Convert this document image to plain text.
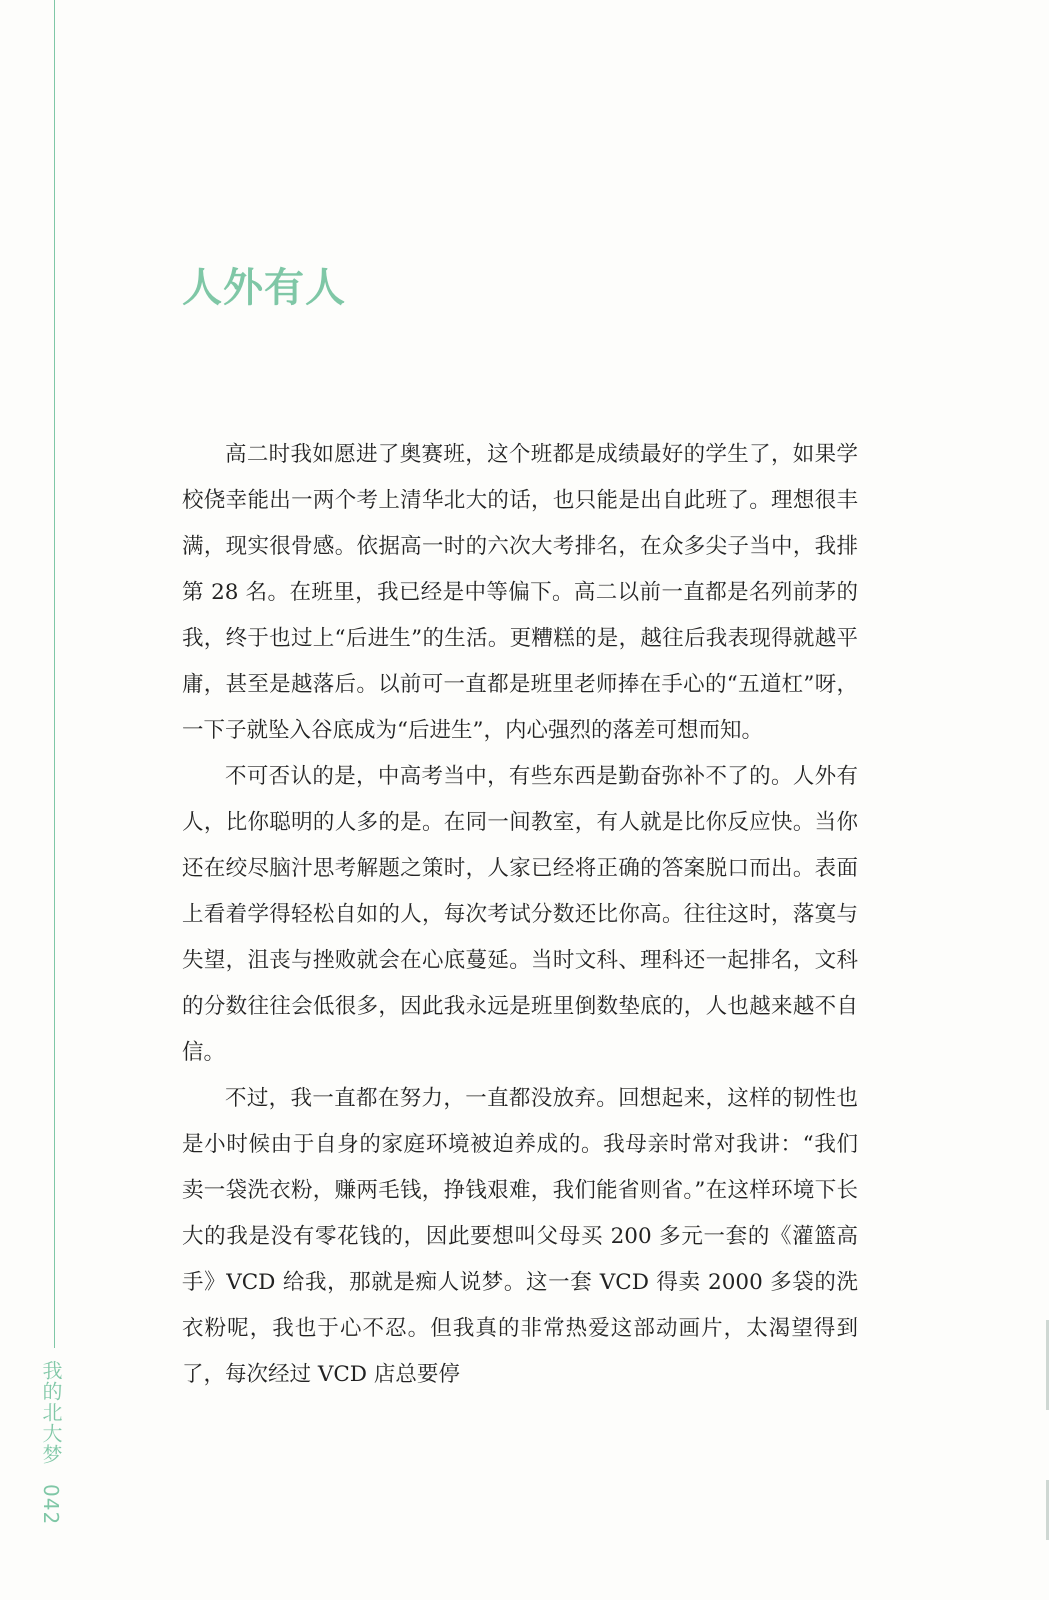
我的北大梦 042
人外有人

高二时我如愿进了奥赛班，这个班都是成绩最好的学生了，如果学校侥幸能出一两个考上清华北大的话，也只能是出自此班了。理想很丰满，现实很骨感。依据高一时的六次大考排名，在众多尖子当中，我排第 28 名。在班里，我已经是中等偏下。高二以前一直都是名列前茅的我，终于也过上“后进生”的生活。更糟糕的是，越往后我表现得就越平庸，甚至是越落后。以前可一直都是班里老师捧在手心的“五道杠”呀，一下子就坠入谷底成为“后进生”，内心强烈的落差可想而知。

不可否认的是，中高考当中，有些东西是勤奋弥补不了的。人外有人，比你聪明的人多的是。在同一间教室，有人就是比你反应快。当你还在绞尽脑汁思考解题之策时，人家已经将正确的答案脱口而出。表面上看着学得轻松自如的人，每次考试分数还比你高。往往这时，落寞与失望，沮丧与挫败就会在心底蔓延。当时文科、理科还一起排名，文科的分数往往会低很多，因此我永远是班里倒数垫底的，人也越来越不自信。

不过，我一直都在努力，一直都没放弃。回想起来，这样的韧性也是小时候由于自身的家庭环境被迫养成的。我母亲时常对我讲：“我们卖一袋洗衣粉，赚两毛钱，挣钱艰难，我们能省则省。”在这样环境下长大的我是没有零花钱的，因此要想叫父母买 200 多元一套的《灌篮高手》VCD 给我，那就是痴人说梦。这一套 VCD 得卖 2000 多袋的洗衣粉呢，我也于心不忍。但我真的非常热爱这部动画片，太渴望得到了，每次经过 VCD 店总要停
